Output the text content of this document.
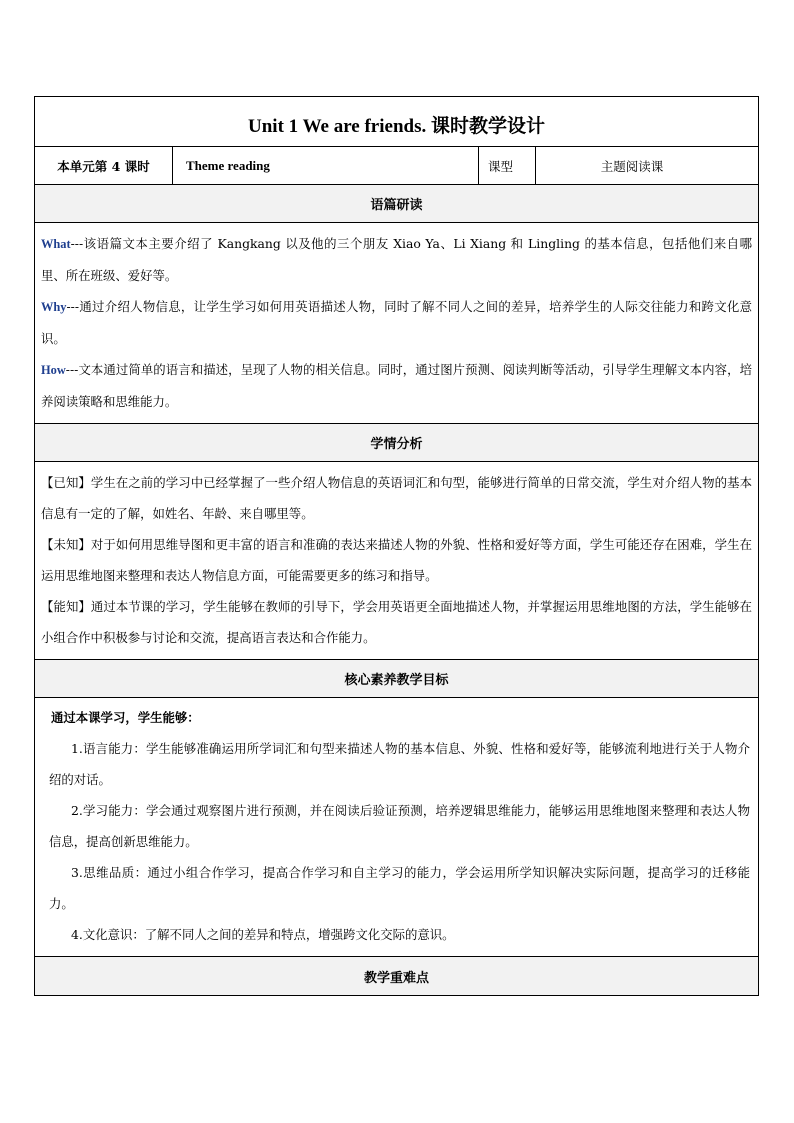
Unit 1 We are friends. 课时教学设计
本单元第 4 课时	Theme reading	课型	主题阅读课
语篇研读

What---该语篇文本主要介绍了 Kangkang 以及他的三个朋友 Xiao Ya、Li Xiang 和 Lingling 的基本信息，包括他们来自哪里、所在班级、爱好等。

Why---通过介绍人物信息，让学生学习如何用英语描述人物，同时了解不同人之间的差异，培养学生的人际交往能力和跨文化意识。

How---文本通过简单的语言和描述，呈现了人物的相关信息。同时，通过图片预测、阅读判断等活动，引导学生理解文本内容，培养阅读策略和思维能力。

学情分析

【已知】学生在之前的学习中已经掌握了一些介绍人物信息的英语词汇和句型，能够进行简单的日常交流，学生对介绍人物的基本信息有一定的了解，如姓名、年龄、来自哪里等。

【未知】对于如何用思维导图和更丰富的语言和准确的表达来描述人物的外貌、性格和爱好等方面，学生可能还存在困难，学生在运用思维地图来整理和表达人物信息方面，可能需要更多的练习和指导。

【能知】通过本节课的学习，学生能够在教师的引导下，学会用英语更全面地描述人物，并掌握运用思维地图的方法，学生能够在小组合作中积极参与讨论和交流，提高语言表达和合作能力。

核心素养教学目标

通过本课学习，学生能够：

1.语言能力：学生能够准确运用所学词汇和句型来描述人物的基本信息、外貌、性格和爱好等，能够流利地进行关于人物介绍的对话。

2.学习能力：学会通过观察图片进行预测，并在阅读后验证预测，培养逻辑思维能力，能够运用思维地图来整理和表达人物信息，提高创新思维能力。

3.思维品质：通过小组合作学习，提高合作学习和自主学习的能力，学会运用所学知识解决实际问题，提高学习的迁移能力。

4.文化意识：了解不同人之间的差异和特点，增强跨文化交际的意识。

教学重难点
